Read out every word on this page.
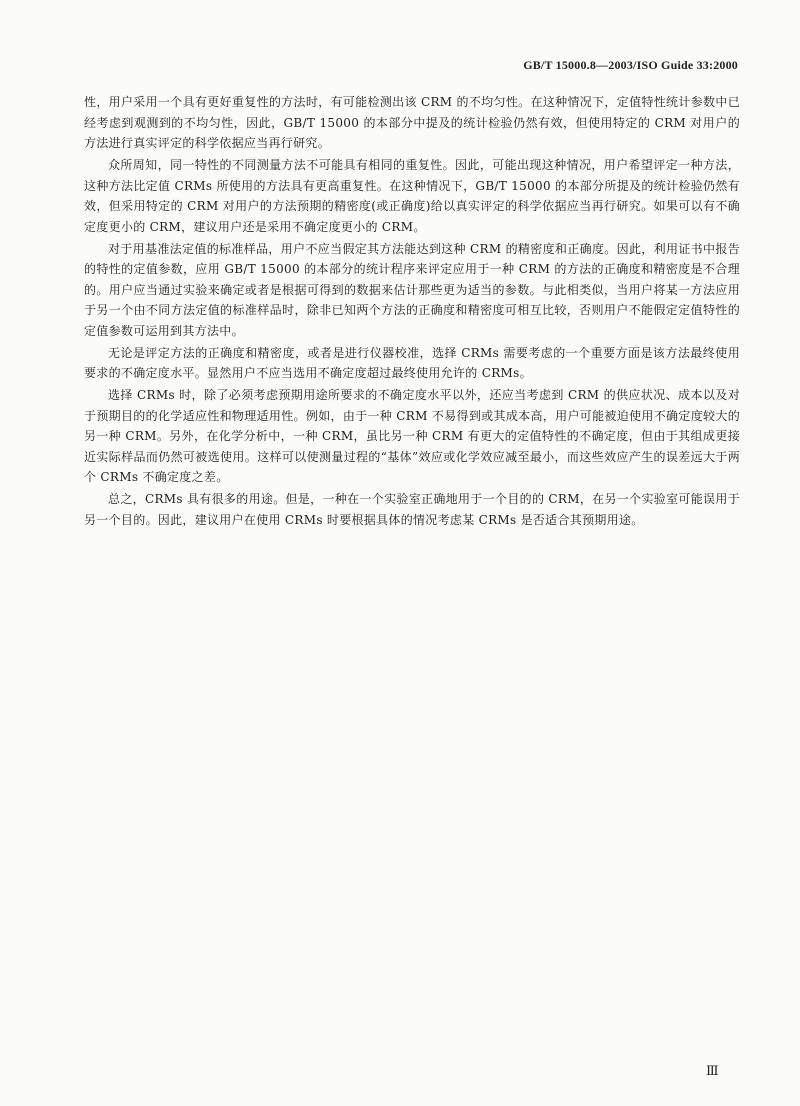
GB/T 15000.8—2003/ISO Guide 33:2000

性，用户采用一个具有更好重复性的方法时，有可能检测出该 CRM 的不均匀性。在这种情况下，定值特性统计参数中已经考虑到观测到的不均匀性，因此，GB/T 15000 的本部分中提及的统计检验仍然有效，但使用特定的 CRM 对用户的方法进行真实评定的科学依据应当再行研究。

众所周知，同一特性的不同测量方法不可能具有相同的重复性。因此，可能出现这种情况，用户希望评定一种方法，这种方法比定值 CRMs 所使用的方法具有更高重复性。在这种情况下，GB/T 15000 的本部分所提及的统计检验仍然有效，但采用特定的 CRM 对用户的方法预期的精密度(或正确度)给以真实评定的科学依据应当再行研究。如果可以有不确定度更小的 CRM，建议用户还是采用不确定度更小的 CRM。

对于用基准法定值的标准样品，用户不应当假定其方法能达到这种 CRM 的精密度和正确度。因此，利用证书中报告的特性的定值参数，应用 GB/T 15000 的本部分的统计程序来评定应用于一种 CRM 的方法的正确度和精密度是不合理的。用户应当通过实验来确定或者是根据可得到的数据来估计那些更为适当的参数。与此相类似，当用户将某一方法应用于另一个由不同方法定值的标准样品时，除非已知两个方法的正确度和精密度可相互比较，否则用户不能假定定值特性的定值参数可运用到其方法中。

无论是评定方法的正确度和精密度，或者是进行仪器校准，选择 CRMs 需要考虑的一个重要方面是该方法最终使用要求的不确定度水平。显然用户不应当选用不确定度超过最终使用允许的 CRMs。

选择 CRMs 时，除了必须考虑预期用途所要求的不确定度水平以外，还应当考虑到 CRM 的供应状况、成本以及对于预期目的的化学适应性和物理适用性。例如，由于一种 CRM 不易得到或其成本高，用户可能被迫使用不确定度较大的另一种 CRM。另外，在化学分析中，一种 CRM，虽比另一种 CRM 有更大的定值特性的不确定度，但由于其组成更接近实际样品而仍然可被选使用。这样可以使测量过程的“基体”效应或化学效应减至最小，而这些效应产生的误差远大于两个 CRMs 不确定度之差。

总之，CRMs 具有很多的用途。但是，一种在一个实验室正确地用于一个目的的 CRM，在另一个实验室可能误用于另一个目的。因此，建议用户在使用 CRMs 时要根据具体的情况考虑某 CRMs 是否适合其预期用途。

Ⅲ
